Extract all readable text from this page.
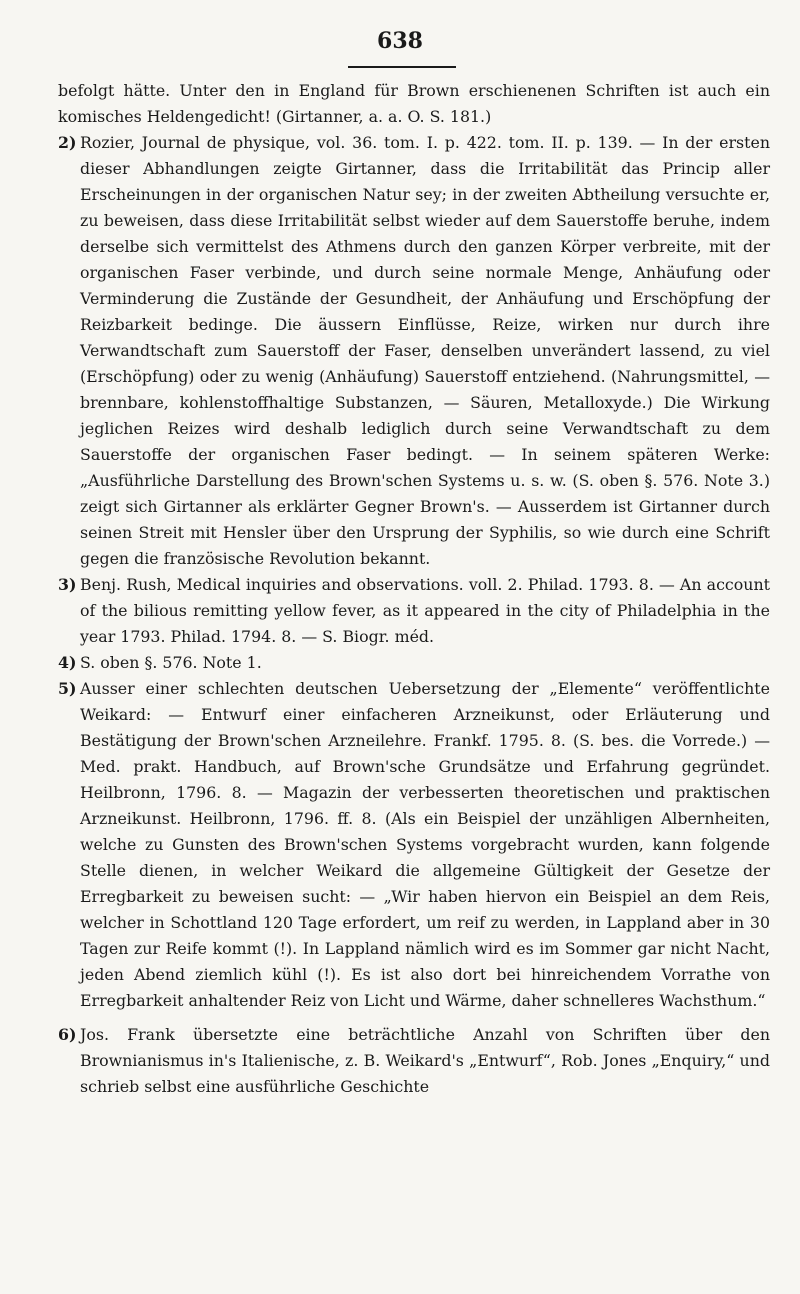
638

befolgt hätte. Unter den in England für Brown erschienenen Schriften ist auch ein komisches Heldengedicht! (Girtanner, a. a. O. S. 181.)

2) Rozier, Journal de physique, vol. 36. tom. I. p. 422. tom. II. p. 139. — In der ersten dieser Abhandlungen zeigte Girtanner, dass die Irritabilität das Princip aller Erscheinungen in der organischen Natur sey; in der zweiten Abtheilung versuchte er, zu beweisen, dass diese Irritabilität selbst wieder auf dem Sauerstoffe beruhe, indem derselbe sich vermittelst des Athmens durch den ganzen Körper verbreite, mit der organischen Faser verbinde, und durch seine normale Menge, Anhäufung oder Verminderung die Zustände der Gesundheit, der Anhäufung und Erschöpfung der Reizbarkeit bedinge. Die äussern Einflüsse, Reize, wirken nur durch ihre Verwandtschaft zum Sauerstoff der Faser, denselben unverändert lassend, zu viel (Erschöpfung) oder zu wenig (Anhäufung) Sauerstoff entziehend. (Nahrungsmittel, — brennbare, kohlenstoffhaltige Substanzen, — Säuren, Metalloxyde.) Die Wirkung jeglichen Reizes wird deshalb lediglich durch seine Verwandtschaft zu dem Sauerstoffe der organischen Faser bedingt. — In seinem späteren Werke: „Ausführliche Darstellung des Brown'schen Systems u. s. w. (S. oben §. 576. Note 3.) zeigt sich Girtanner als erklärter Gegner Brown's. — Ausserdem ist Girtanner durch seinen Streit mit Hensler über den Ursprung der Syphilis, so wie durch eine Schrift gegen die französische Revolution bekannt.

3) Benj. Rush, Medical inquiries and observations. voll. 2. Philad. 1793. 8. — An account of the bilious remitting yellow fever, as it appeared in the city of Philadelphia in the year 1793. Philad. 1794. 8. — S. Biogr. méd.

4) S. oben §. 576. Note 1.

5) Ausser einer schlechten deutschen Uebersetzung der „Elemente“ veröffentlichte Weikard: — Entwurf einer einfacheren Arzneikunst, oder Erläuterung und Bestätigung der Brown'schen Arzneilehre. Frankf. 1795. 8. (S. bes. die Vorrede.) — Med. prakt. Handbuch, auf Brown'sche Grundsätze und Erfahrung gegründet. Heilbronn, 1796. 8. — Magazin der verbesserten theoretischen und praktischen Arzneikunst. Heilbronn, 1796. ff. 8. (Als ein Beispiel der unzähligen Albernheiten, welche zu Gunsten des Brown'schen Systems vorgebracht wurden, kann folgende Stelle dienen, in welcher Weikard die allgemeine Gültigkeit der Gesetze der Erregbarkeit zu beweisen sucht: — „Wir haben hiervon ein Beispiel an dem Reis, welcher in Schottland 120 Tage erfordert, um reif zu werden, in Lappland aber in 30 Tagen zur Reife kommt (!). In Lappland nämlich wird es im Sommer gar nicht Nacht, jeden Abend ziemlich kühl (!). Es ist also dort bei hinreichendem Vorrathe von Erregbarkeit anhaltender Reiz von Licht und Wärme, daher schnelleres Wachsthum.“

6) Jos. Frank übersetzte eine beträchtliche Anzahl von Schriften über den Brownianismus in's Italienische, z. B. Weikard's „Entwurf“, Rob. Jones „Enquiry,“ und schrieb selbst eine ausführliche Geschichte
